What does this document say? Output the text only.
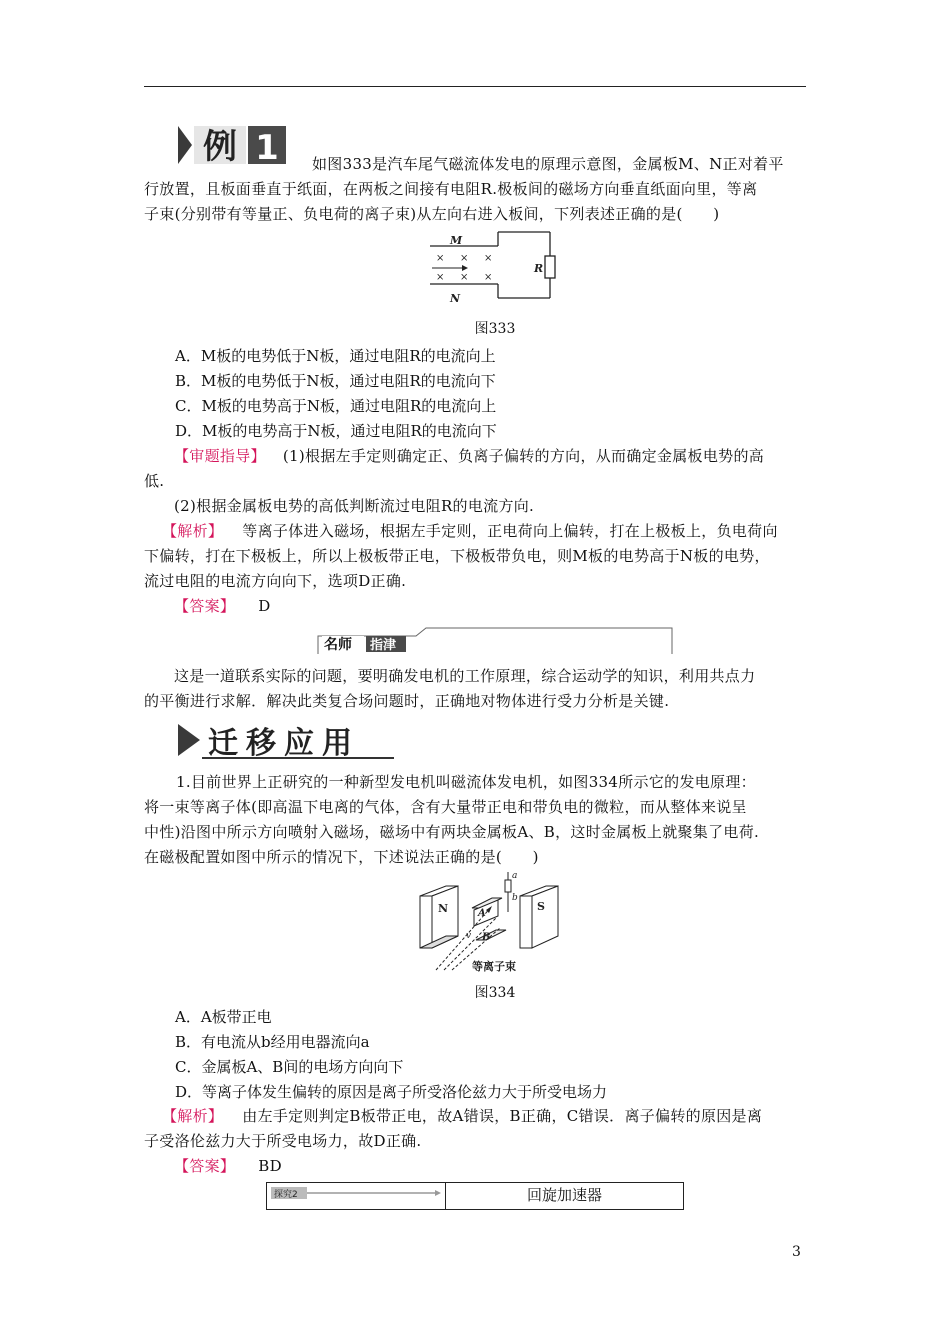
例 1	如图333是汽车尾气磁流体发电的原理示意图，金属板M、N正对着平
行放置，且板面垂直于纸面，在两板之间接有电阻R.极板间的磁场方向垂直纸面向里，等离
子束(分别带有等量正、负电荷的离子束)从左向右进入板间，下列表述正确的是(　　)
M
N
R
× × ×
× × ×
图333
A．M板的电势低于N板，通过电阻R的电流向上
B．M板的电势低于N板，通过电阻R的电流向下
C．M板的电势高于N板，通过电阻R的电流向上
D．M板的电势高于N板，通过电阻R的电流向下
【审题指导】 (1)根据左手定则确定正、负离子偏转的方向，从而确定金属板电势的高
低.
(2)根据金属板电势的高低判断流过电阻R的电流方向.
【解析】 等离子体进入磁场，根据左手定则，正电荷向上偏转，打在上极板上，负电荷向
下偏转，打在下极板上，所以上极板带正电，下极板带负电，则M板的电势高于N板的电势，
流过电阻的电流方向向下，选项D正确.
【答案】 D
名师 指津
这是一道联系实际的问题，要明确发电机的工作原理，综合运动学的知识，利用共点力
的平衡进行求解．解决此类复合场问题时，正确地对物体进行受力分析是关键.
迁移应用
1.目前世界上正研究的一种新型发电机叫磁流体发电机，如图334所示它的发电原理：
将一束等离子体(即高温下电离的气体，含有大量带正电和带负电的微粒，而从整体来说呈
中性)沿图中所示方向喷射入磁场，磁场中有两块金属板A、B，这时金属板上就聚集了电荷.
在磁极配置如图中所示的情况下，下述说法正确的是(　　)
N	S
A
B
a
b
v
等离子束
图334
A．A板带正电
B．有电流从b经用电器流向a
C．金属板A、B间的电场方向向下
D．等离子体发生偏转的原因是离子所受洛伦兹力大于所受电场力
【解析】 由左手定则判定B板带正电，故A错误，B正确，C错误．离子偏转的原因是离
子受洛伦兹力大于所受电场力，故D正确.
【答案】 BD
探究2	回旋加速器
3
